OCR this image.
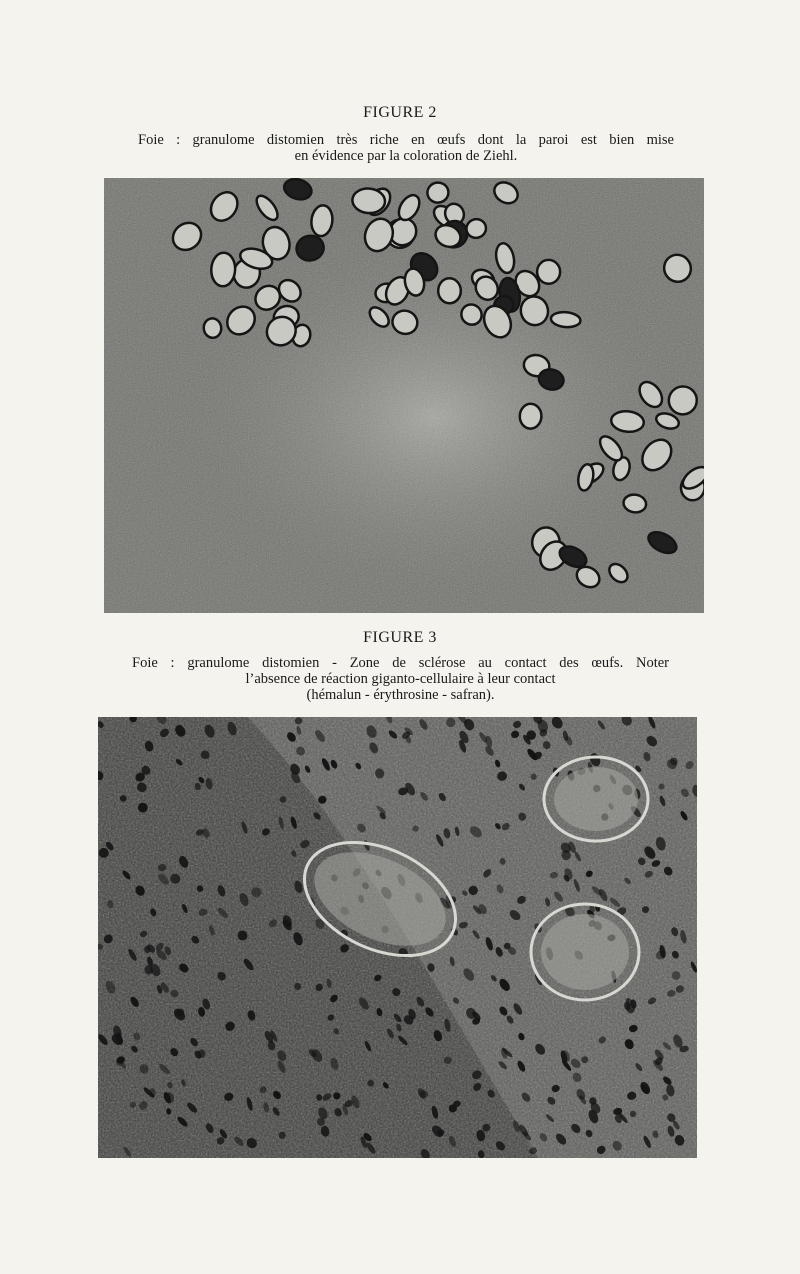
FIGURE 2
Foie : granulome distomien très riche en œufs dont la paroi est bien mise
en évidence par la coloration de Ziehl.
FIGURE 3
Foie : granulome distomien - Zone de sclérose au contact des œufs. Noter
l’absence de réaction giganto-cellulaire à leur contact
(hémalun - érythrosine - safran).
